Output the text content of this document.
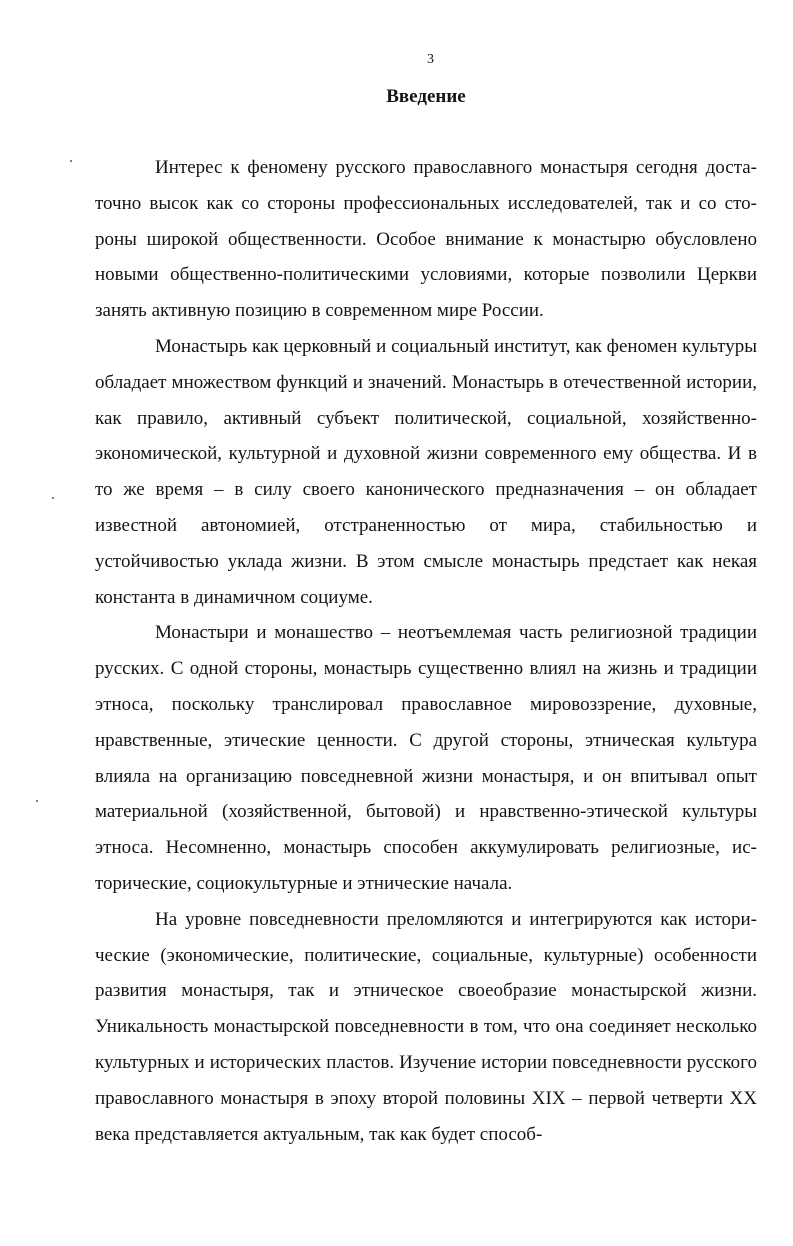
3
Введение

Интерес к феномену русского православного монастыря сегодня достаточно высок как со стороны профессиональных исследователей, так и со стороны широкой общественности. Особое внимание к монастырю обусловлено новыми общественно-политическими условиями, которые позволили Церкви занять активную позицию в современном мире России.

Монастырь как церковный и социальный институт, как феномен культуры обладает множеством функций и значений. Монастырь в отечественной истории, как правило, активный субъект политической, социальной, хозяйственно-экономической, культурной и духовной жизни современного ему общества. И в то же время – в силу своего канонического предназначения – он обладает известной автономией, отстраненностью от мира, стабильностью и устойчивостью уклада жизни. В этом смысле монастырь предстает как некая константа в динамичном социуме.

Монастыри и монашество – неотъемлемая часть религиозной традиции русских. С одной стороны, монастырь существенно влиял на жизнь и традиции этноса, поскольку транслировал православное мировоззрение, духовные, нравственные, этические ценности. С другой стороны, этническая культура влияла на организацию повседневной жизни монастыря, и он впитывал опыт материальной (хозяйственной, бытовой) и нравственно-этической культуры этноса. Несомненно, монастырь способен аккумулировать религиозные, исторические, социокультурные и этнические начала.

На уровне повседневности преломляются и интегрируются как исторические (экономические, политические, социальные, культурные) особенности развития монастыря, так и этническое своеобразие монастырской жизни. Уникальность монастырской повседневности в том, что она соединяет несколько культурных и исторических пластов. Изучение истории повседневности русского православного монастыря в эпоху второй половины XIX – первой четверти XX века представляется актуальным, так как будет способ-
